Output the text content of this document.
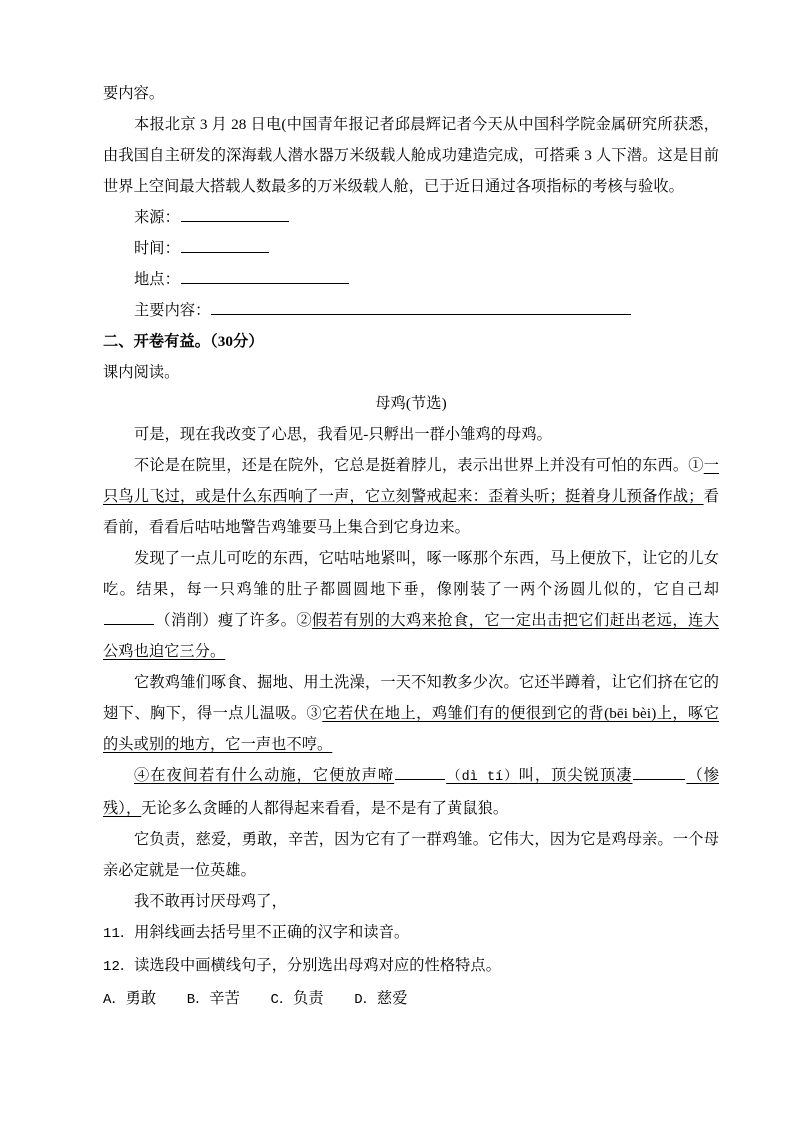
要内容。

本报北京 3 月 28 日电(中国青年报记者邱晨辉记者今天从中国科学院金属研究所获悉，由我国自主研发的深海载人潜水器万米级载人舱成功建造完成，可搭乘 3 人下潜。这是目前世界上空间最大搭载人数最多的万米级载人舱，已于近日通过各项指标的考核与验收。

来源：

时间：

地点：

主要内容：

二、开卷有益。（30分）

课内阅读。

母鸡(节选)

可是，现在我改变了心思，我看见-只孵出一群小雏鸡的母鸡。

不论是在院里，还是在院外，它总是挺着脖儿，表示出世界上并没有可怕的东西。①一只鸟儿飞过，或是什么东西响了一声，它立刻警戒起来：歪着头听；挺着身儿预备作战；看看前，看看后咕咕地警告鸡雏要马上集合到它身边来。

发现了一点儿可吃的东西，它咕咕地紧叫，啄一啄那个东西，马上便放下，让它的儿女吃。结果，每一只鸡雏的肚子都圆圆地下垂，像刚装了一两个汤圆儿似的，它自己却（消削）瘦了许多。②假若有别的大鸡来抢食，它一定出击把它们赶出老远，连大公鸡也迫它三分。

它教鸡雏们啄食、掘地、用土洗澡，一天不知教多少次。它还半蹲着，让它们挤在它的翅下、胸下，得一点儿温吸。③它若伏在地上，鸡雏们有的便很到它的背(bēi bèi)上，啄它的头或别的地方，它一声也不哼。

④在夜间若有什么动施，它便放声啼	（dì tí）叫，顶尖锐顶凄	（惨 残），无论多么贪睡的人都得起来看看，是不是有了黄鼠狼。

它负责，慈爱，勇敢，辛苦，因为它有了一群鸡雏。它伟大，因为它是鸡母亲。一个母亲必定就是一位英雄。

我不敢再讨厌母鸡了，

11．用斜线画去括号里不正确的汉字和读音。

12．读选段中画横线句子，分别选出母鸡对应的性格特点。

A．勇敢　　 B．辛苦　　 C．负责　　 D．慈爱
